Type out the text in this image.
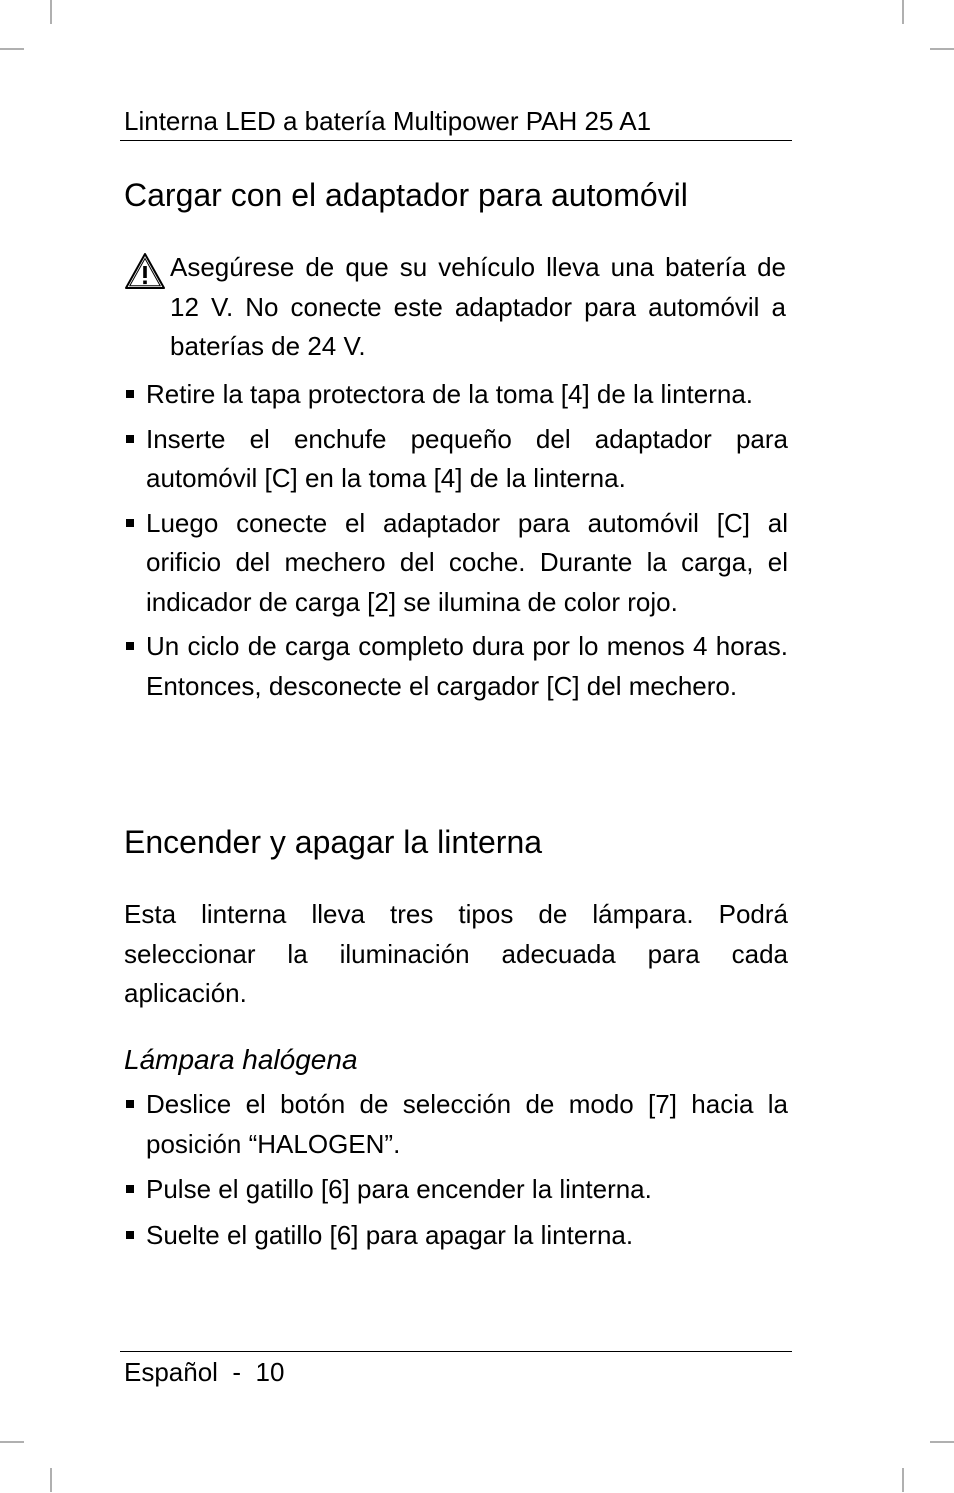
Linterna LED a batería Multipower PAH 25 A1
Cargar con el adaptador para automóvil
Asegúrese de que su vehículo lleva una batería de 12 V. No conecte este adaptador para automóvil a baterías de 24 V.
Retire la tapa protectora de la toma [4] de la linterna.
Inserte el enchufe pequeño del adaptador para automóvil [C] en la toma [4] de la linterna.
Luego conecte el adaptador para automóvil [C] al orificio del mechero del coche. Durante la carga, el indicador de carga [2] se ilumina de color rojo.
Un ciclo de carga completo dura por lo menos 4 horas. Entonces, desconecte el cargador [C] del mechero.
Encender y apagar la linterna
Esta linterna lleva tres tipos de lámpara. Podrá seleccionar la iluminación adecuada para cada aplicación.
Lámpara halógena
Deslice el botón de selección de modo [7] hacia la posición “HALOGEN”.
Pulse el gatillo [6] para encender la linterna.
Suelte el gatillo [6] para apagar la linterna.
Español  -  10
